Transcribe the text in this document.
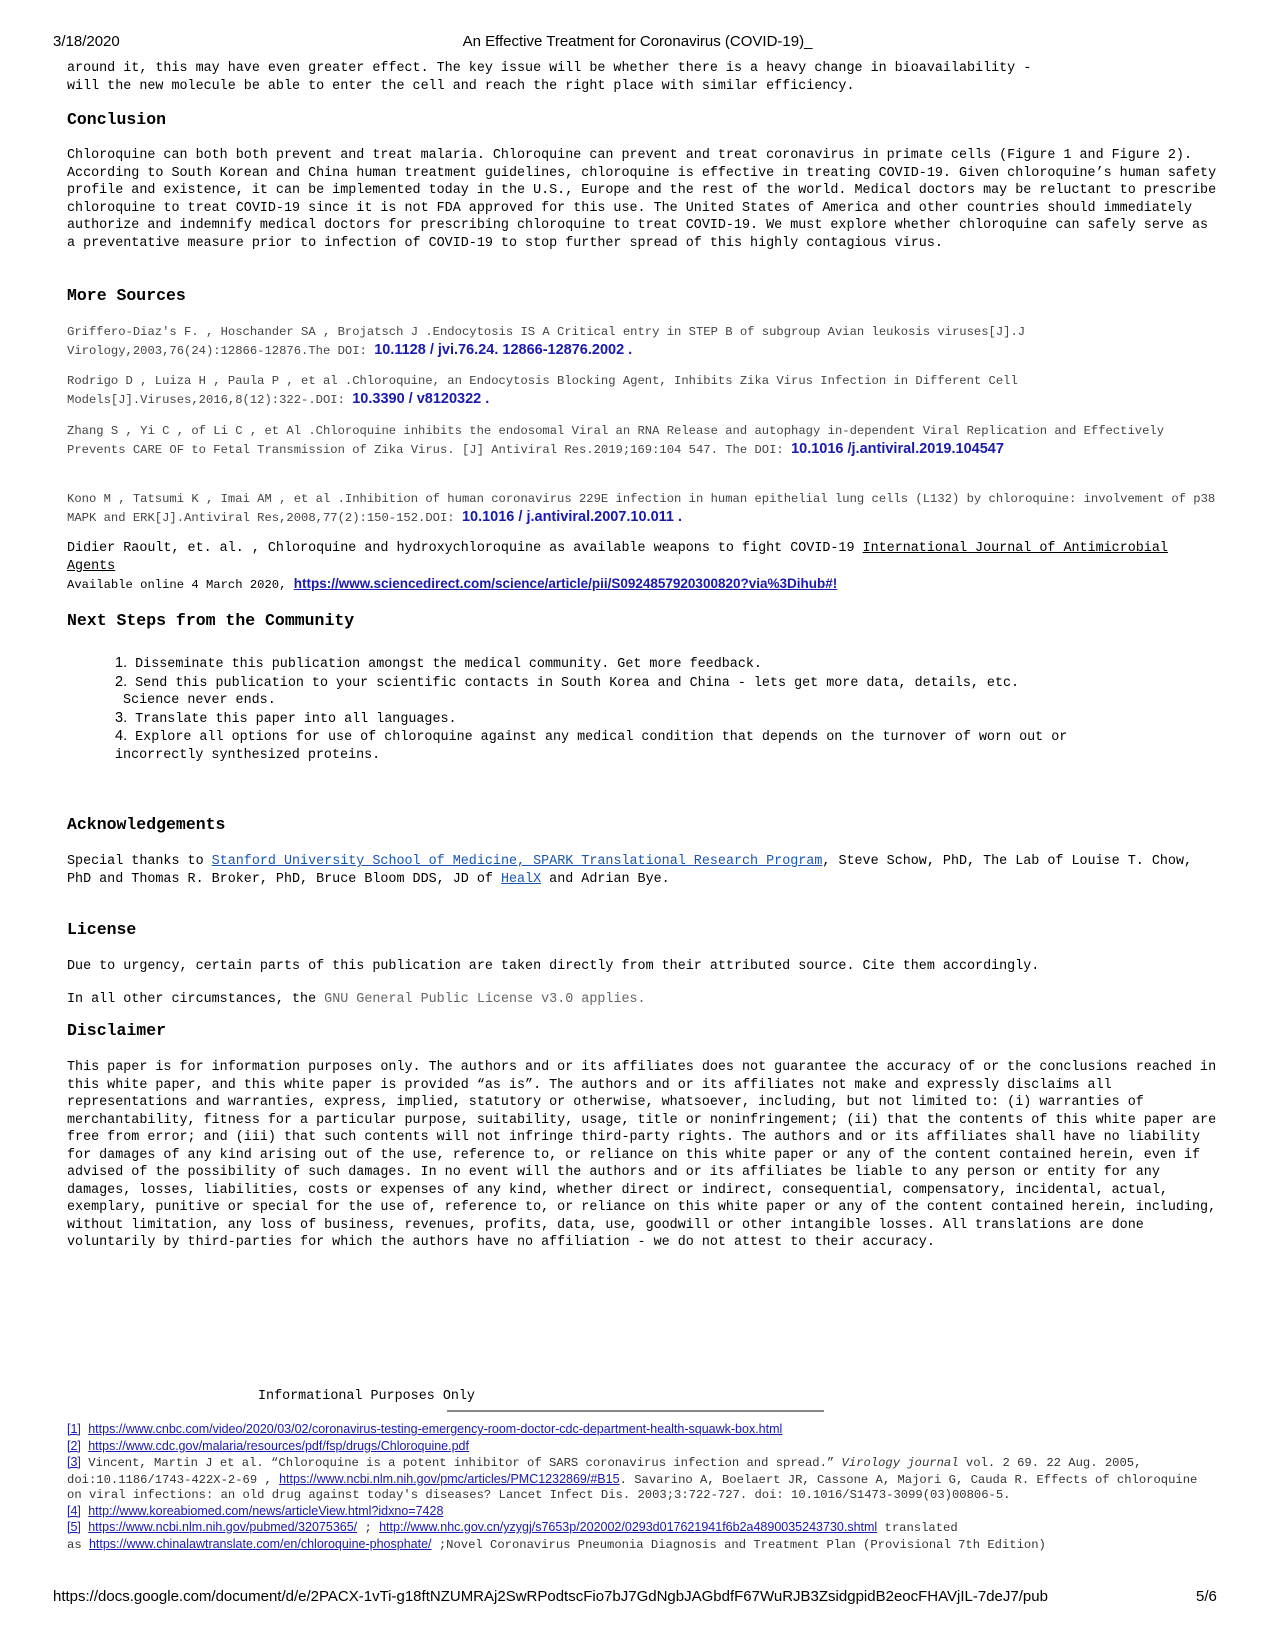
3/18/2020	An Effective Treatment for Coronavirus (COVID-19)_

around it, this may have even greater effect. The key issue will be whether there is a heavy change in bioavailability -

will the new molecule be able to enter the cell and reach the right place with similar efficiency.

Conclusion

Chloroquine can both both prevent and treat malaria. Chloroquine can prevent and treat coronavirus in primate cells (Figure 1 and Figure 2). According to South Korean and China human treatment guidelines, chloroquine is effective in treating COVID-19. Given chloroquine’s human safety profile and existence, it can be implemented today in the U.S., Europe and the rest of the world. Medical doctors may be reluctant to prescribe chloroquine to treat COVID-19 since it is not FDA approved for this use. The United States of America and other countries should immediately authorize and indemnify medical doctors for prescribing chloroquine to treat COVID-19. We must explore whether chloroquine can safely serve as a preventative measure prior to infection of COVID-19 to stop further spread of this highly contagious virus.

More Sources

Griffero-Diaz's F. , Hoschander SA , Brojatsch J .Endocytosis IS A Critical entry in STEP B of subgroup Avian leukosis viruses[J].J Virology,2003,76(24):12866-12876.The DOI: 10.1128 / jvi.76.24. 12866-12876.2002 .

Rodrigo D , Luiza H , Paula P , et al .Chloroquine, an Endocytosis Blocking Agent, Inhibits Zika Virus Infection in Different Cell Models[J].Viruses,2016,8(12):322-.DOI: 10.3390 / v8120322 .

Zhang S , Yi C , of Li C , et Al .Chloroquine inhibits the endosomal Viral an RNA Release and autophagy in-dependent Viral Replication and Effectively Prevents CARE OF to Fetal Transmission of Zika Virus. [J] Antiviral Res.2019;169:104 547. The DOI: 10.1016 /j.antiviral.2019.104547

Kono M , Tatsumi K , Imai AM , et al .Inhibition of human coronavirus 229E infection in human epithelial lung cells (L132) by chloroquine: involvement of p38 MAPK and ERK[J].Antiviral Res,2008,77(2):150-152.DOI: 10.1016 / j.antiviral.2007.10.011 .

Didier Raoult, et. al. , Chloroquine and hydroxychloroquine as available weapons to fight COVID-19 International Journal of Antimicrobial Agents
Available online 4 March 2020, https://www.sciencedirect.com/science/article/pii/S0924857920300820?via%3Dihub#!
Next Steps from the Community
1. Disseminate this publication amongst the medical community. Get more feedback.
2. Send this publication to your scientific contacts in South Korea and China - lets get more data, details, etc.
Science never ends.
3. Translate this paper into all languages.
4. Explore all options for use of chloroquine against any medical condition that depends on the turnover of worn out or
incorrectly synthesized proteins.
Acknowledgements

Special thanks to Stanford University School of Medicine, SPARK Translational Research Program, Steve Schow, PhD, The Lab of Louise T. Chow, PhD and Thomas R. Broker, PhD, Bruce Bloom DDS, JD of HealX and Adrian Bye.

License

Due to urgency, certain parts of this publication are taken directly from their attributed source. Cite them accordingly.

In all other circumstances, the GNU General Public License v3.0 applies.

Disclaimer

This paper is for information purposes only. The authors and or its affiliates does not guarantee the accuracy of or the conclusions reached in this white paper, and this white paper is provided “as is”. The authors and or its affiliates not make and expressly disclaims all representations and warranties, express, implied, statutory or otherwise, whatsoever, including, but not limited to: (i) warranties of merchantability, fitness for a particular purpose, suitability, usage, title or noninfringement; (ii) that the contents of this white paper are free from error; and (iii) that such contents will not infringe third-party rights. The authors and or its affiliates shall have no liability for damages of any kind arising out of the use, reference to, or reliance on this white paper or any of the content contained herein, even if advised of the possibility of such damages. In no event will the authors and or its affiliates be liable to any person or entity for any damages, losses, liabilities, costs or expenses of any kind, whether direct or indirect, consequential, compensatory, incidental, actual, exemplary, punitive or special for the use of, reference to, or reliance on this white paper or any of the content contained herein, including, without limitation, any loss of business, revenues, profits, data, use, goodwill or other intangible losses. All translations are done voluntarily by third-parties for which the authors have no affiliation - we do not attest to their accuracy.

Informational Purposes Only

[1] https://www.cnbc.com/video/2020/03/02/coronavirus-testing-emergency-room-doctor-cdc-department-health-squawk-box.html

[2] https://www.cdc.gov/malaria/resources/pdf/fsp/drugs/Chloroquine.pdf

[3] Vincent, Martin J et al. “Chloroquine is a potent inhibitor of SARS coronavirus infection and spread.” Virology journal vol. 2 69. 22 Aug. 2005, doi:10.1186/1743-422X-2-69 , https://www.ncbi.nlm.nih.gov/pmc/articles/PMC1232869/#B15. Savarino A, Boelaert JR, Cassone A, Majori G, Cauda R. Effects of chloroquine on viral infections: an old drug against today's diseases? Lancet Infect Dis. 2003;3:722-727. doi: 10.1016/S1473-3099(03)00806-5.

[4] http://www.koreabiomed.com/news/articleView.html?idxno=7428

[5] https://www.ncbi.nlm.nih.gov/pubmed/32075365/ ; http://www.nhc.gov.cn/yzygj/s7653p/202002/0293d017621941f6b2a4890035243730.shtml translated
as https://www.chinalawtranslate.com/en/chloroquine-phosphate/ ;Novel Coronavirus Pneumonia Diagnosis and Treatment Plan (Provisional 7th Edition)

https://docs.google.com/document/d/e/2PACX-1vTi-g18ftNZUMRAj2SwRPodtscFio7bJ7GdNgbJAGbdfF67WuRJB3ZsidgpidB2eocFHAVjIL-7deJ7/pub	5/6
